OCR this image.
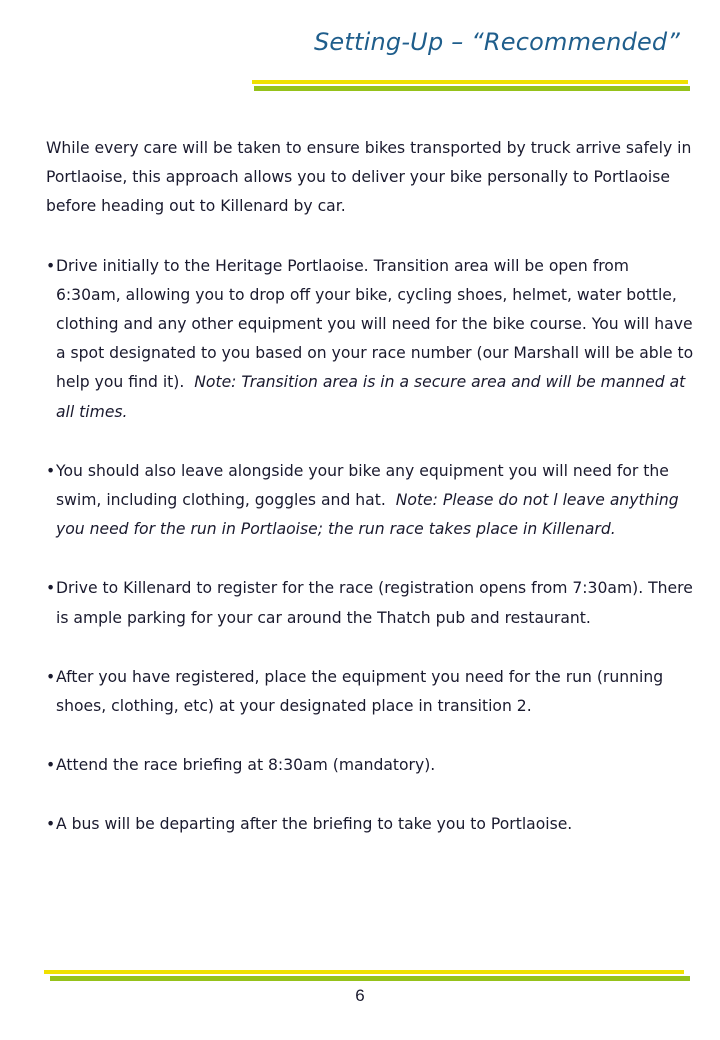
Setting-Up – “Recommended”

While every care will be taken to ensure bikes transported by truck arrive safely in Portlaoise, this approach allows you to deliver your bike personally to Portlaoise before heading out to Killenard by car.

•Drive initially to the Heritage Portlaoise. Transition area will be open from 6:30am, allowing you to drop off your bike, cycling shoes, helmet, water bottle, clothing and any other equipment you will need for the bike course. You will have a spot designated to you based on your race number (our Marshall will be able to help you find it). Note: Transition area is in a secure area and will be manned at all times.

•You should also leave alongside your bike any equipment you will need for the swim, including clothing, goggles and hat. Note: Please do not l leave anything you need for the run in Portlaoise; the run race takes place in Killenard.

•Drive to Killenard to register for the race (registration opens from 7:30am). There is ample parking for your car around the Thatch pub and restaurant.

•After you have registered, place the equipment you need for the run (running shoes, clothing, etc) at your designated place in transition 2.

•Attend the race briefing at 8:30am (mandatory).

•A bus will be departing after the briefing to take you to Portlaoise.

6
